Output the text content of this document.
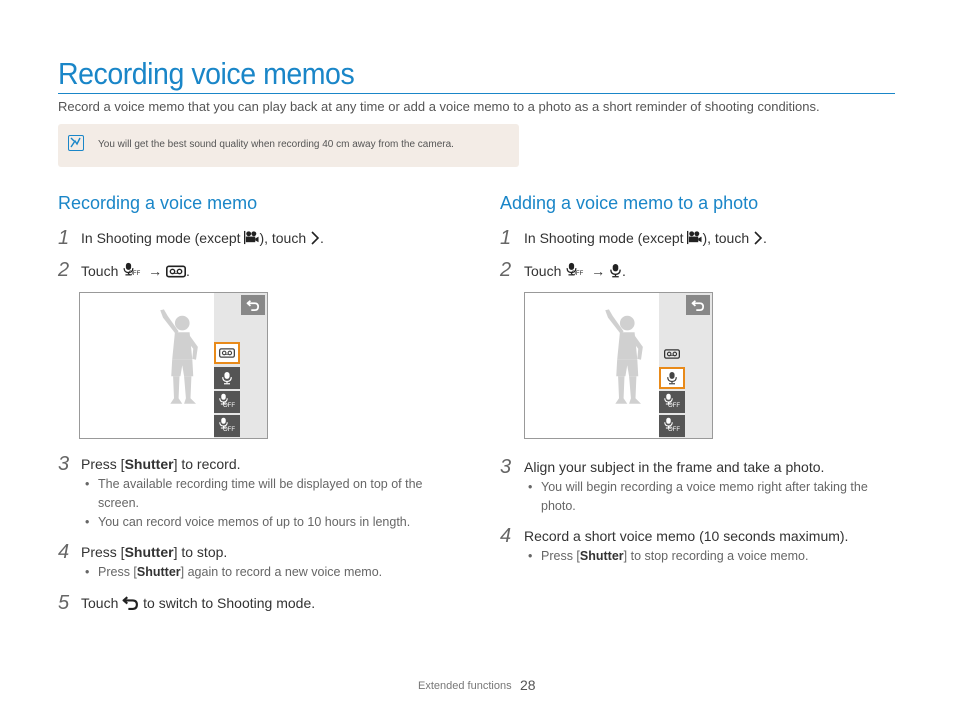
Recording voice memos
Record a voice memo that you can play back at any time or add a voice memo to a photo as a short reminder of shooting conditions.
You will get the best sound quality when recording 40 cm away from the camera.
Recording a voice memo
1 In Shooting mode (except ), touch .
2 Touch OFF → .
OFF
OFF
3 Press [Shutter] to record.
• The available recording time will be displayed on top of the screen.
• You can record voice memos of up to 10 hours in length.
4 Press [Shutter] to stop.
• Press [Shutter] again to record a new voice memo.
5 Touch  to switch to Shooting mode.
Adding a voice memo to a photo
1 In Shooting mode (except ), touch .
2 Touch OFF → .
OFF
OFF
3 Align your subject in the frame and take a photo.
• You will begin recording a voice memo right after taking the photo.
4 Record a short voice memo (10 seconds maximum).
• Press [Shutter] to stop recording a voice memo.
Extended functions 28
